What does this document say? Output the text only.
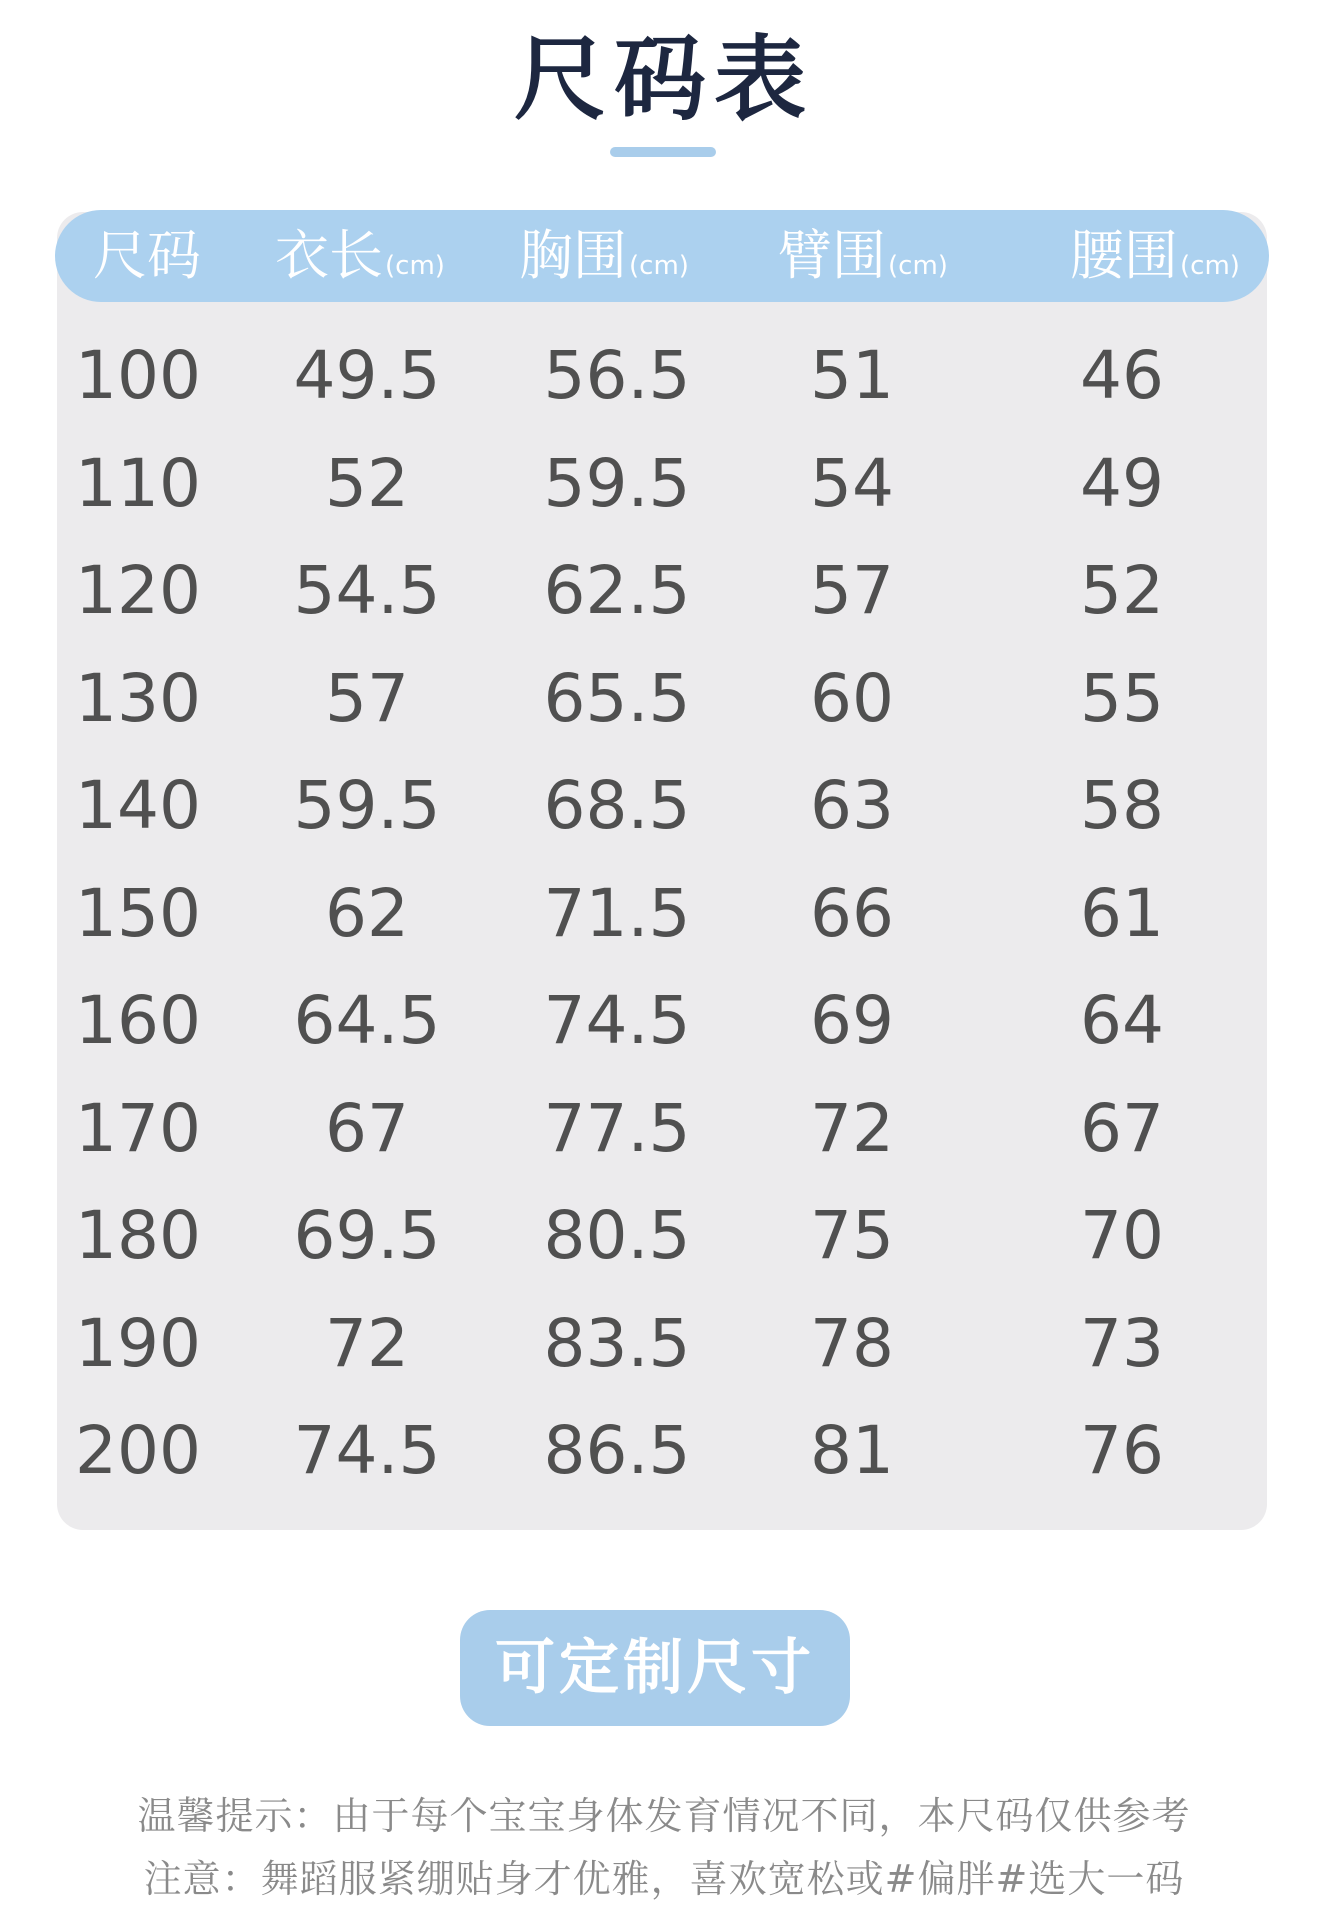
尺码表
尺码 衣长(cm) 胸围(cm) 臂围(cm) 腰围(cm)
100	49.5	56.5	51	46
110	52	59.5	54	49
120	54.5	62.5	57	52
130	57	65.5	60	55
140	59.5	68.5	63	58
150	62	71.5	66	61
160	64.5	74.5	69	64
170	67	77.5	72	67
180	69.5	80.5	75	70
190	72	83.5	78	73
200	74.5	86.5	81	76
可定制尺寸
温馨提示：由于每个宝宝身体发育情况不同，本尺码仅供参考
注意：舞蹈服紧绷贴身才优雅，喜欢宽松或#偏胖#选大一码
